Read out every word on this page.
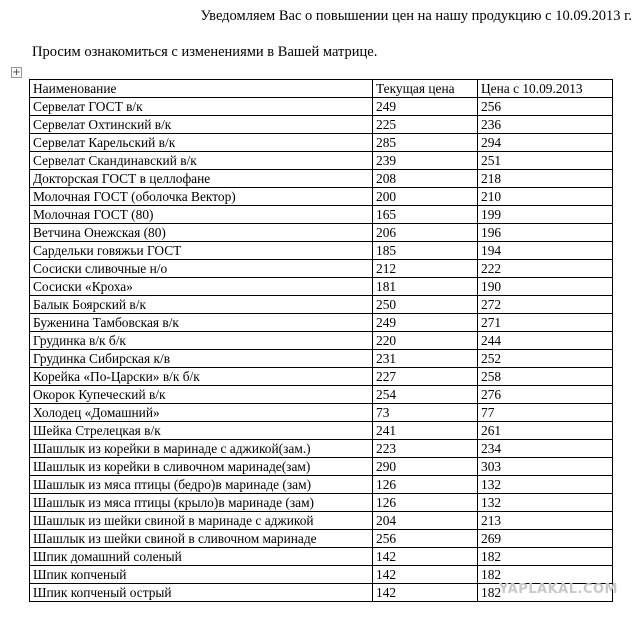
Уведомляем Вас о повышении цен на нашу продукцию с 10.09.2013 г.
Просим ознакомиться с изменениями в Вашей матрице.
+
Наименование	Текущая цена	Цена с 10.09.2013
Сервелат ГОСТ в/к	249	256
Сервелат Охтинский в/к	225	236
Сервелат Карельский в/к	285	294
Сервелат Скандинавский в/к	239	251
Докторская ГОСТ в целлофане	208	218
Молочная ГОСТ (оболочка Вектор)	200	210
Молочная ГОСТ (80)	165	199
Ветчина Онежская (80)	206	196
Сардельки говяжьи ГОСТ	185	194
Сосиски сливочные н/о	212	222
Сосиски «Кроха»	181	190
Балык Боярский в/к	250	272
Буженина Тамбовская в/к	249	271
Грудинка в/к б/к	220	244
Грудинка Сибирская к/в	231	252
Корейка «По-Царски» в/к б/к	227	258
Окорок Купеческий в/к	254	276
Холодец «Домашний»	73	77
Шейка Стрелецкая в/к	241	261
Шашлык из корейки в маринаде с аджикой(зам.)	223	234
Шашлык из корейки в сливочном маринаде(зам)	290	303
Шашлык из мяса птицы (бедро)в маринаде (зам)	126	132
Шашлык из мяса птицы (крыло)в маринаде (зам)	126	132
Шашлык из шейки свиной в маринаде с аджикой	204	213
Шашлык из шейки свиной в сливочном маринаде	256	269
Шпик домашний соленый	142	182
Шпик копченый	142	182
Шпик копченый острый	142	182
YAPLAKAL.COM
